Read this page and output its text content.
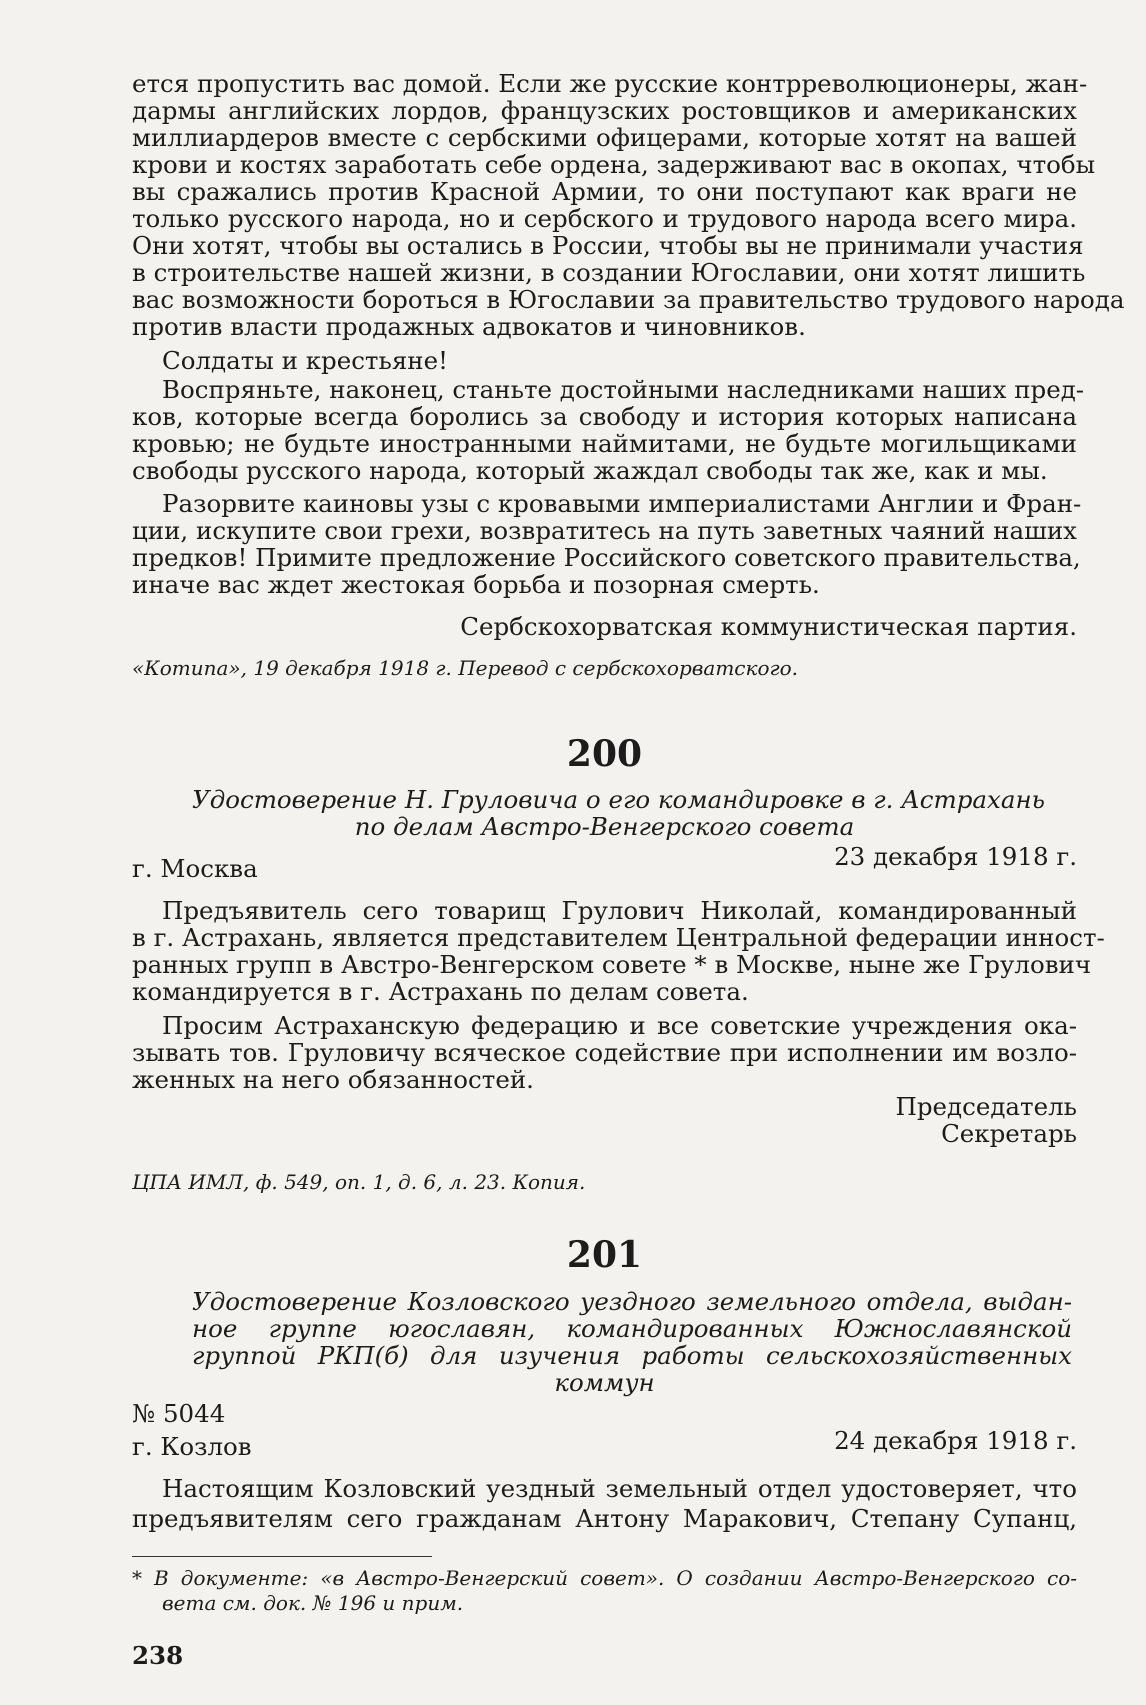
ется пропустить вас домой. Если же русские контрреволюционеры, жан-
дармы английских лордов, французских ростовщиков и американских
миллиардеров вместе с сербскими офицерами, которые хотят на вашей
крови и костях заработать себе ордена, задерживают вас в окопах, чтобы
вы сражались против Красной Армии, то они поступают как враги не
только русского народа, но и сербского и трудового народа всего мира.
Они хотят, чтобы вы остались в России, чтобы вы не принимали участия
в строительстве нашей жизни, в создании Югославии, они хотят лишить
вас возможности бороться в Югославии за правительство трудового народа
против власти продажных адвокатов и чиновников.
Солдаты и крестьяне!
Воспряньте, наконец, станьте достойными наследниками наших пред-
ков, которые всегда боролись за свободу и история которых написана
кровью; не будьте иностранными наймитами, не будьте могильщиками
свободы русского народа, который жаждал свободы так же, как и мы.
Разорвите каиновы узы с кровавыми империалистами Англии и Фран-
ции, искупите свои грехи, возвратитесь на путь заветных чаяний наших
предков! Примите предложение Российского советского правительства,
иначе вас ждет жестокая борьба и позорная смерть.
Сербскохорватская коммунистическая партия.
«Котипа», 19 декабря 1918 г. Перевод с сербскохорватского.
200
Удостоверение Н. Груловича о его командировке в г. Астрахань
по делам Австро-Венгерского совета
г. Москва	23 декабря 1918 г.
Предъявитель сего товарищ Грулович Николай, командированный
в г. Астрахань, является представителем Центральной федерации инност-
ранных групп в Австро-Венгерском совете * в Москве, ныне же Грулович
командируется в г. Астрахань по делам совета.
Просим Астраханскую федерацию и все советские учреждения ока-
зывать тов. Груловичу всяческое содействие при исполнении им возло-
женных на него обязанностей.
Председатель
Секретарь
ЦПА ИМЛ, ф. 549, оп. 1, д. 6, л. 23. Копия.
201
Удостоверение Козловского уездного земельного отдела, выдан-
ное группе югославян, командированных Южнославянской
группой РКП(б) для изучения работы сельскохозяйственных
коммун
№ 5044
г. Козлов	24 декабря 1918 г.
Настоящим Козловский уездный земельный отдел удостоверяет, что
предъявителям сего гражданам Антону Маракович, Степану Супанц,
* В документе: «в Австро-Венгерский совет». О создании Австро-Венгерского со-
вета см. док. № 196 и прим.
238
